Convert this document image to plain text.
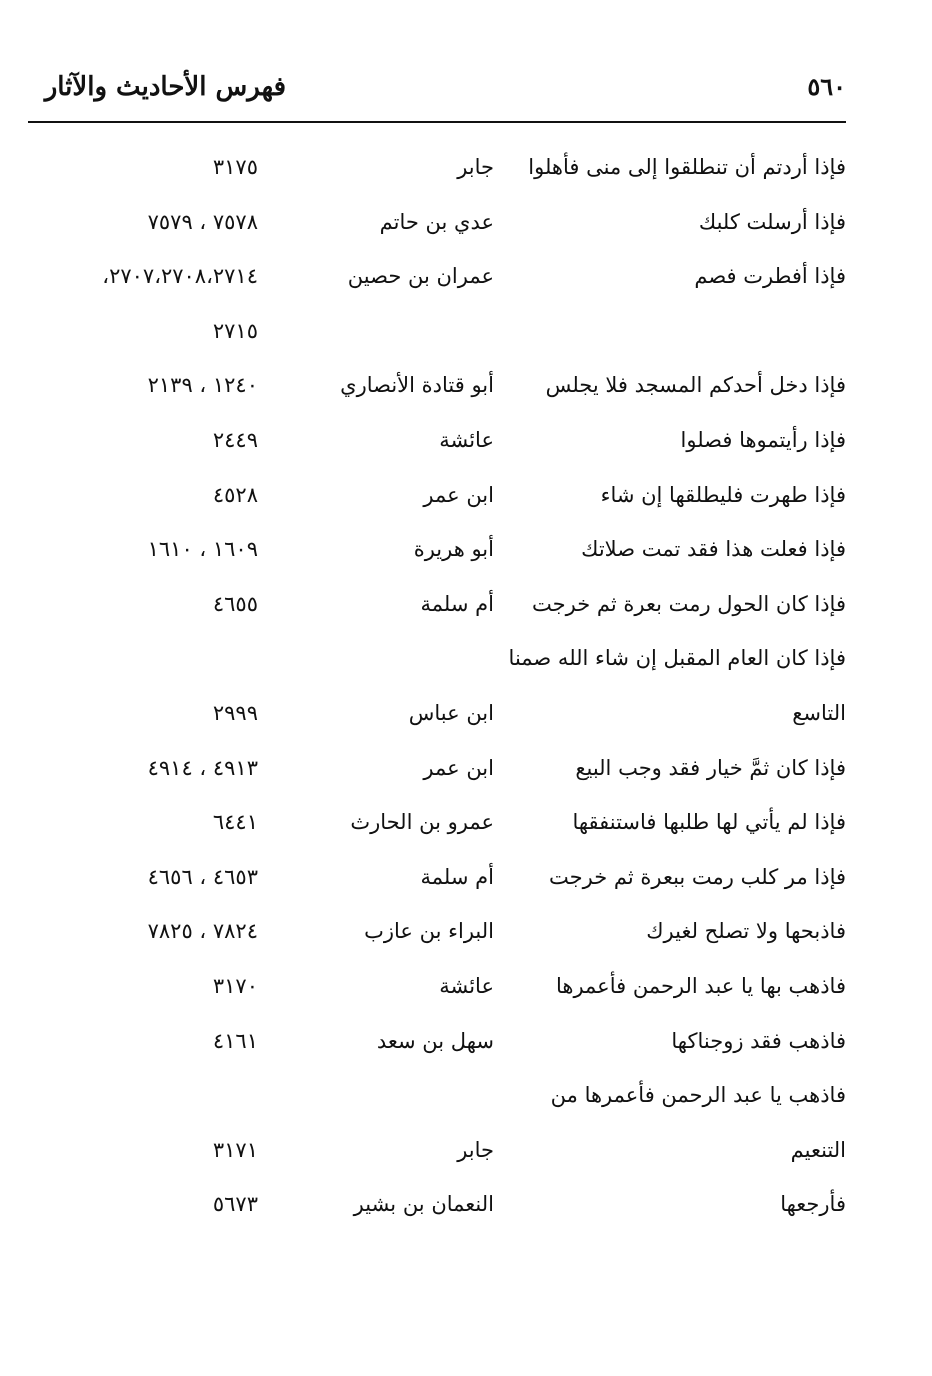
٥٦٠
فهرس الأحاديث والآثار
فإذا أردتم أن تنطلقوا إلى منى فأهلوا
جابر
٣١٧٥
فإذا أرسلت كلبك
عدي بن حاتم
٧٥٧٨ ، ٧٥٧٩
فإذا أفطرت فصم
عمران بن حصين
٢٧٠٧،٢٧٠٨،٢٧١٤،
٢٧١٥
فإذا دخل أحدكم المسجد فلا يجلس
أبو قتادة الأنصاري
١٢٤٠ ، ٢١٣٩
فإذا رأيتموها فصلوا
عائشة
٢٤٤٩
فإذا طهرت فليطلقها إن شاء
ابن عمر
٤٥٢٨
فإذا فعلت هذا فقد تمت صلاتك
أبو هريرة
١٦٠٩ ، ١٦١٠
فإذا كان الحول رمت بعرة ثم خرجت
أم سلمة
٤٦٥٥
فإذا كان العام المقبل إن شاء الله صمنا
التاسع
ابن عباس
٢٩٩٩
فإذا كان ثمَّ خيار فقد وجب البيع
ابن عمر
٤٩١٣ ، ٤٩١٤
فإذا لم يأتي لها طلبها فاستنفقها
عمرو بن الحارث
٦٤٤١
فإذا مر كلب رمت ببعرة ثم خرجت
أم سلمة
٤٦٥٣ ، ٤٦٥٦
فاذبحها ولا تصلح لغيرك
البراء بن عازب
٧٨٢٤ ، ٧٨٢٥
فاذهب بها يا عبد الرحمن فأعمرها
عائشة
٣١٧٠
فاذهب فقد زوجناكها
سهل بن سعد
٤١٦١
فاذهب يا عبد الرحمن فأعمرها من
التنعيم
جابر
٣١٧١
فأرجعها
النعمان بن بشير
٥٦٧٣
